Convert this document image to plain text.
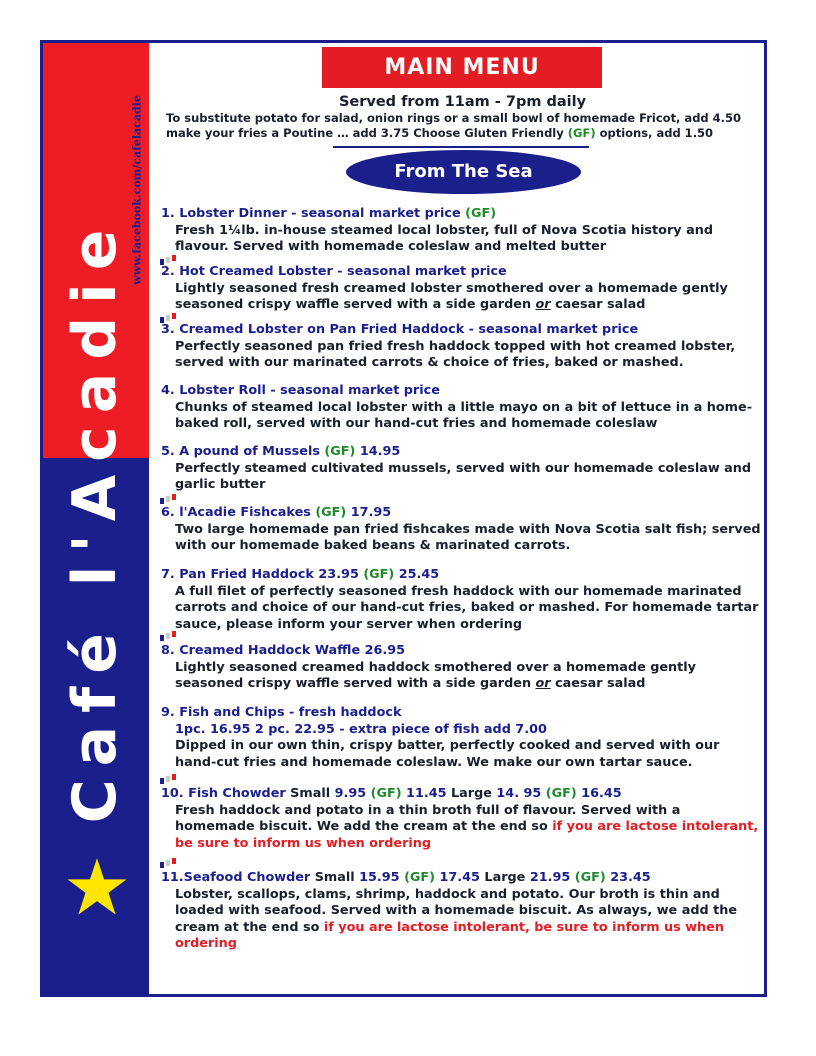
Café l'Acadie
www.facebook.com/cafelacadie
MAIN MENU
Served from 11am - 7pm daily
To substitute potato for salad, onion rings or a small bowl of homemade Fricot, add 4.50
make your fries a Poutine … add 3.75 Choose Gluten Friendly (GF) options, add 1.50
From The Sea
1. Lobster Dinner - seasonal market price (GF)
Fresh 1¼lb. in-house steamed local lobster, full of Nova Scotia history and flavour. Served with homemade coleslaw and melted butter
2. Hot Creamed Lobster - seasonal market price
Lightly seasoned fresh creamed lobster smothered over a homemade gently seasoned crispy waffle served with a side garden or caesar salad
3. Creamed Lobster on Pan Fried Haddock - seasonal market price
Perfectly seasoned pan fried fresh haddock topped with hot creamed lobster, served with our marinated carrots & choice of fries, baked or mashed.
4. Lobster Roll - seasonal market price
Chunks of steamed local lobster with a little mayo on a bit of lettuce in a home-baked roll, served with our hand-cut fries and homemade coleslaw
5. A pound of Mussels (GF) 14.95
Perfectly steamed cultivated mussels, served with our homemade coleslaw and garlic butter
6. l'Acadie Fishcakes (GF) 17.95
Two large homemade pan fried fishcakes made with Nova Scotia salt fish; served with our homemade baked beans & marinated carrots.
7. Pan Fried Haddock 23.95 (GF) 25.45
A full filet of perfectly seasoned fresh haddock with our homemade marinated carrots and choice of our hand-cut fries, baked or mashed. For homemade tartar sauce, please inform your server when ordering
8. Creamed Haddock Waffle 26.95
Lightly seasoned creamed haddock smothered over a homemade gently seasoned crispy waffle served with a side garden or caesar salad
9. Fish and Chips - fresh haddock
1pc. 16.95 2 pc. 22.95 - extra piece of fish add 7.00
Dipped in our own thin, crispy batter, perfectly cooked and served with our hand-cut fries and homemade coleslaw. We make our own tartar sauce.
10. Fish Chowder Small 9.95 (GF) 11.45 Large 14. 95 (GF) 16.45
Fresh haddock and potato in a thin broth full of flavour. Served with a homemade biscuit. We add the cream at the end so if you are lactose intolerant, be sure to inform us when ordering
11.Seafood Chowder Small 15.95 (GF) 17.45 Large 21.95 (GF) 23.45
Lobster, scallops, clams, shrimp, haddock and potato. Our broth is thin and loaded with seafood. Served with a homemade biscuit. As always, we add the cream at the end so if you are lactose intolerant, be sure to inform us when ordering
